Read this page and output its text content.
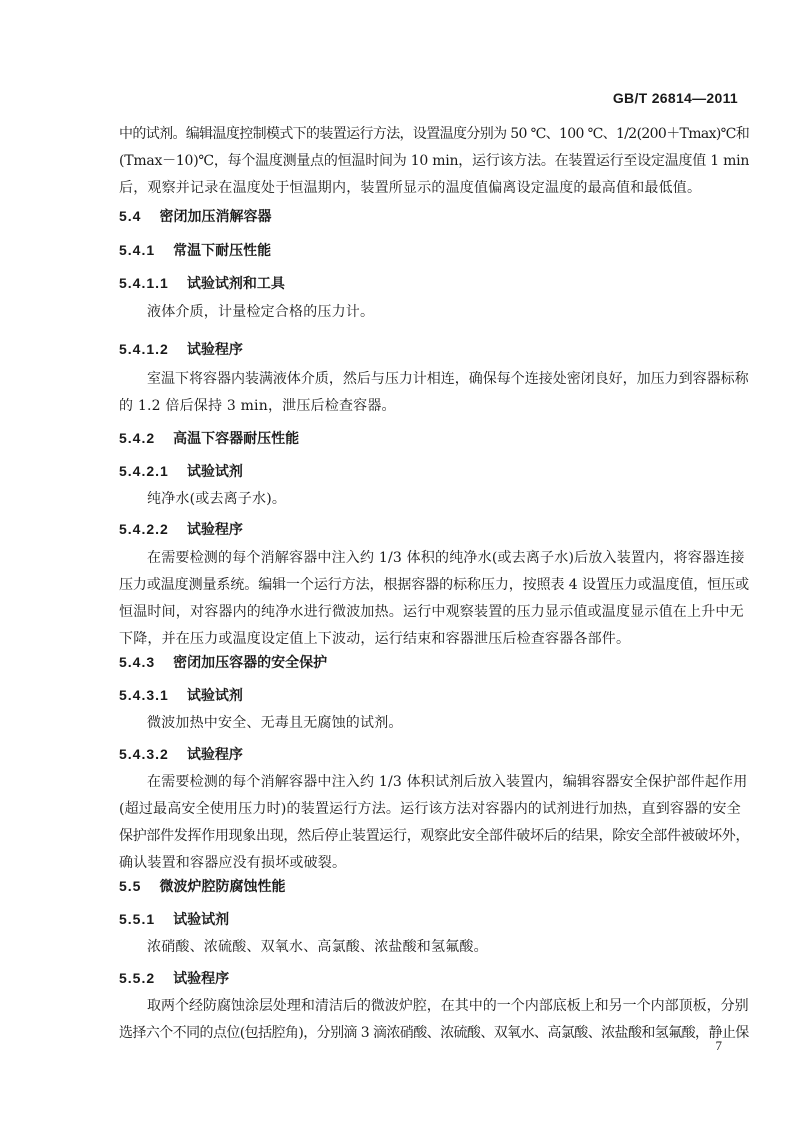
GB/T 26814—2011
中的试剂。编辑温度控制模式下的装置运行方法，设置温度分别为 50 ℃、100 ℃、1/2(200＋Tmax)℃和
(Tmax－10)℃，每个温度测量点的恒温时间为 10 min，运行该方法。在装置运行至设定温度值 1 min
后，观察并记录在温度处于恒温期内，装置所显示的温度值偏离设定温度的最高值和最低值。
5.4 密闭加压消解容器
5.4.1 常温下耐压性能
5.4.1.1 试验试剂和工具
液体介质，计量检定合格的压力计。
5.4.1.2 试验程序
室温下将容器内装满液体介质，然后与压力计相连，确保每个连接处密闭良好，加压力到容器标称
的 1.2 倍后保持 3 min，泄压后检查容器。
5.4.2 高温下容器耐压性能
5.4.2.1 试验试剂
纯净水(或去离子水)。
5.4.2.2 试验程序
在需要检测的每个消解容器中注入约 1/3 体积的纯净水(或去离子水)后放入装置内，将容器连接
压力或温度测量系统。编辑一个运行方法，根据容器的标称压力，按照表 4 设置压力或温度值，恒压或
恒温时间，对容器内的纯净水进行微波加热。运行中观察装置的压力显示值或温度显示值在上升中无
下降，并在压力或温度设定值上下波动，运行结束和容器泄压后检查容器各部件。
5.4.3 密闭加压容器的安全保护
5.4.3.1 试验试剂
微波加热中安全、无毒且无腐蚀的试剂。
5.4.3.2 试验程序
在需要检测的每个消解容器中注入约 1/3 体积试剂后放入装置内，编辑容器安全保护部件起作用
(超过最高安全使用压力时)的装置运行方法。运行该方法对容器内的试剂进行加热，直到容器的安全
保护部件发挥作用现象出现，然后停止装置运行，观察此安全部件破坏后的结果，除安全部件被破坏外，
确认装置和容器应没有损坏或破裂。
5.5 微波炉腔防腐蚀性能
5.5.1 试验试剂
浓硝酸、浓硫酸、双氧水、高氯酸、浓盐酸和氢氟酸。
5.5.2 试验程序
取两个经防腐蚀涂层处理和清洁后的微波炉腔，在其中的一个内部底板上和另一个内部顶板，分别
选择六个不同的点位(包括腔角)，分别滴 3 滴浓硝酸、浓硫酸、双氧水、高氯酸、浓盐酸和氢氟酸，静止保
7
